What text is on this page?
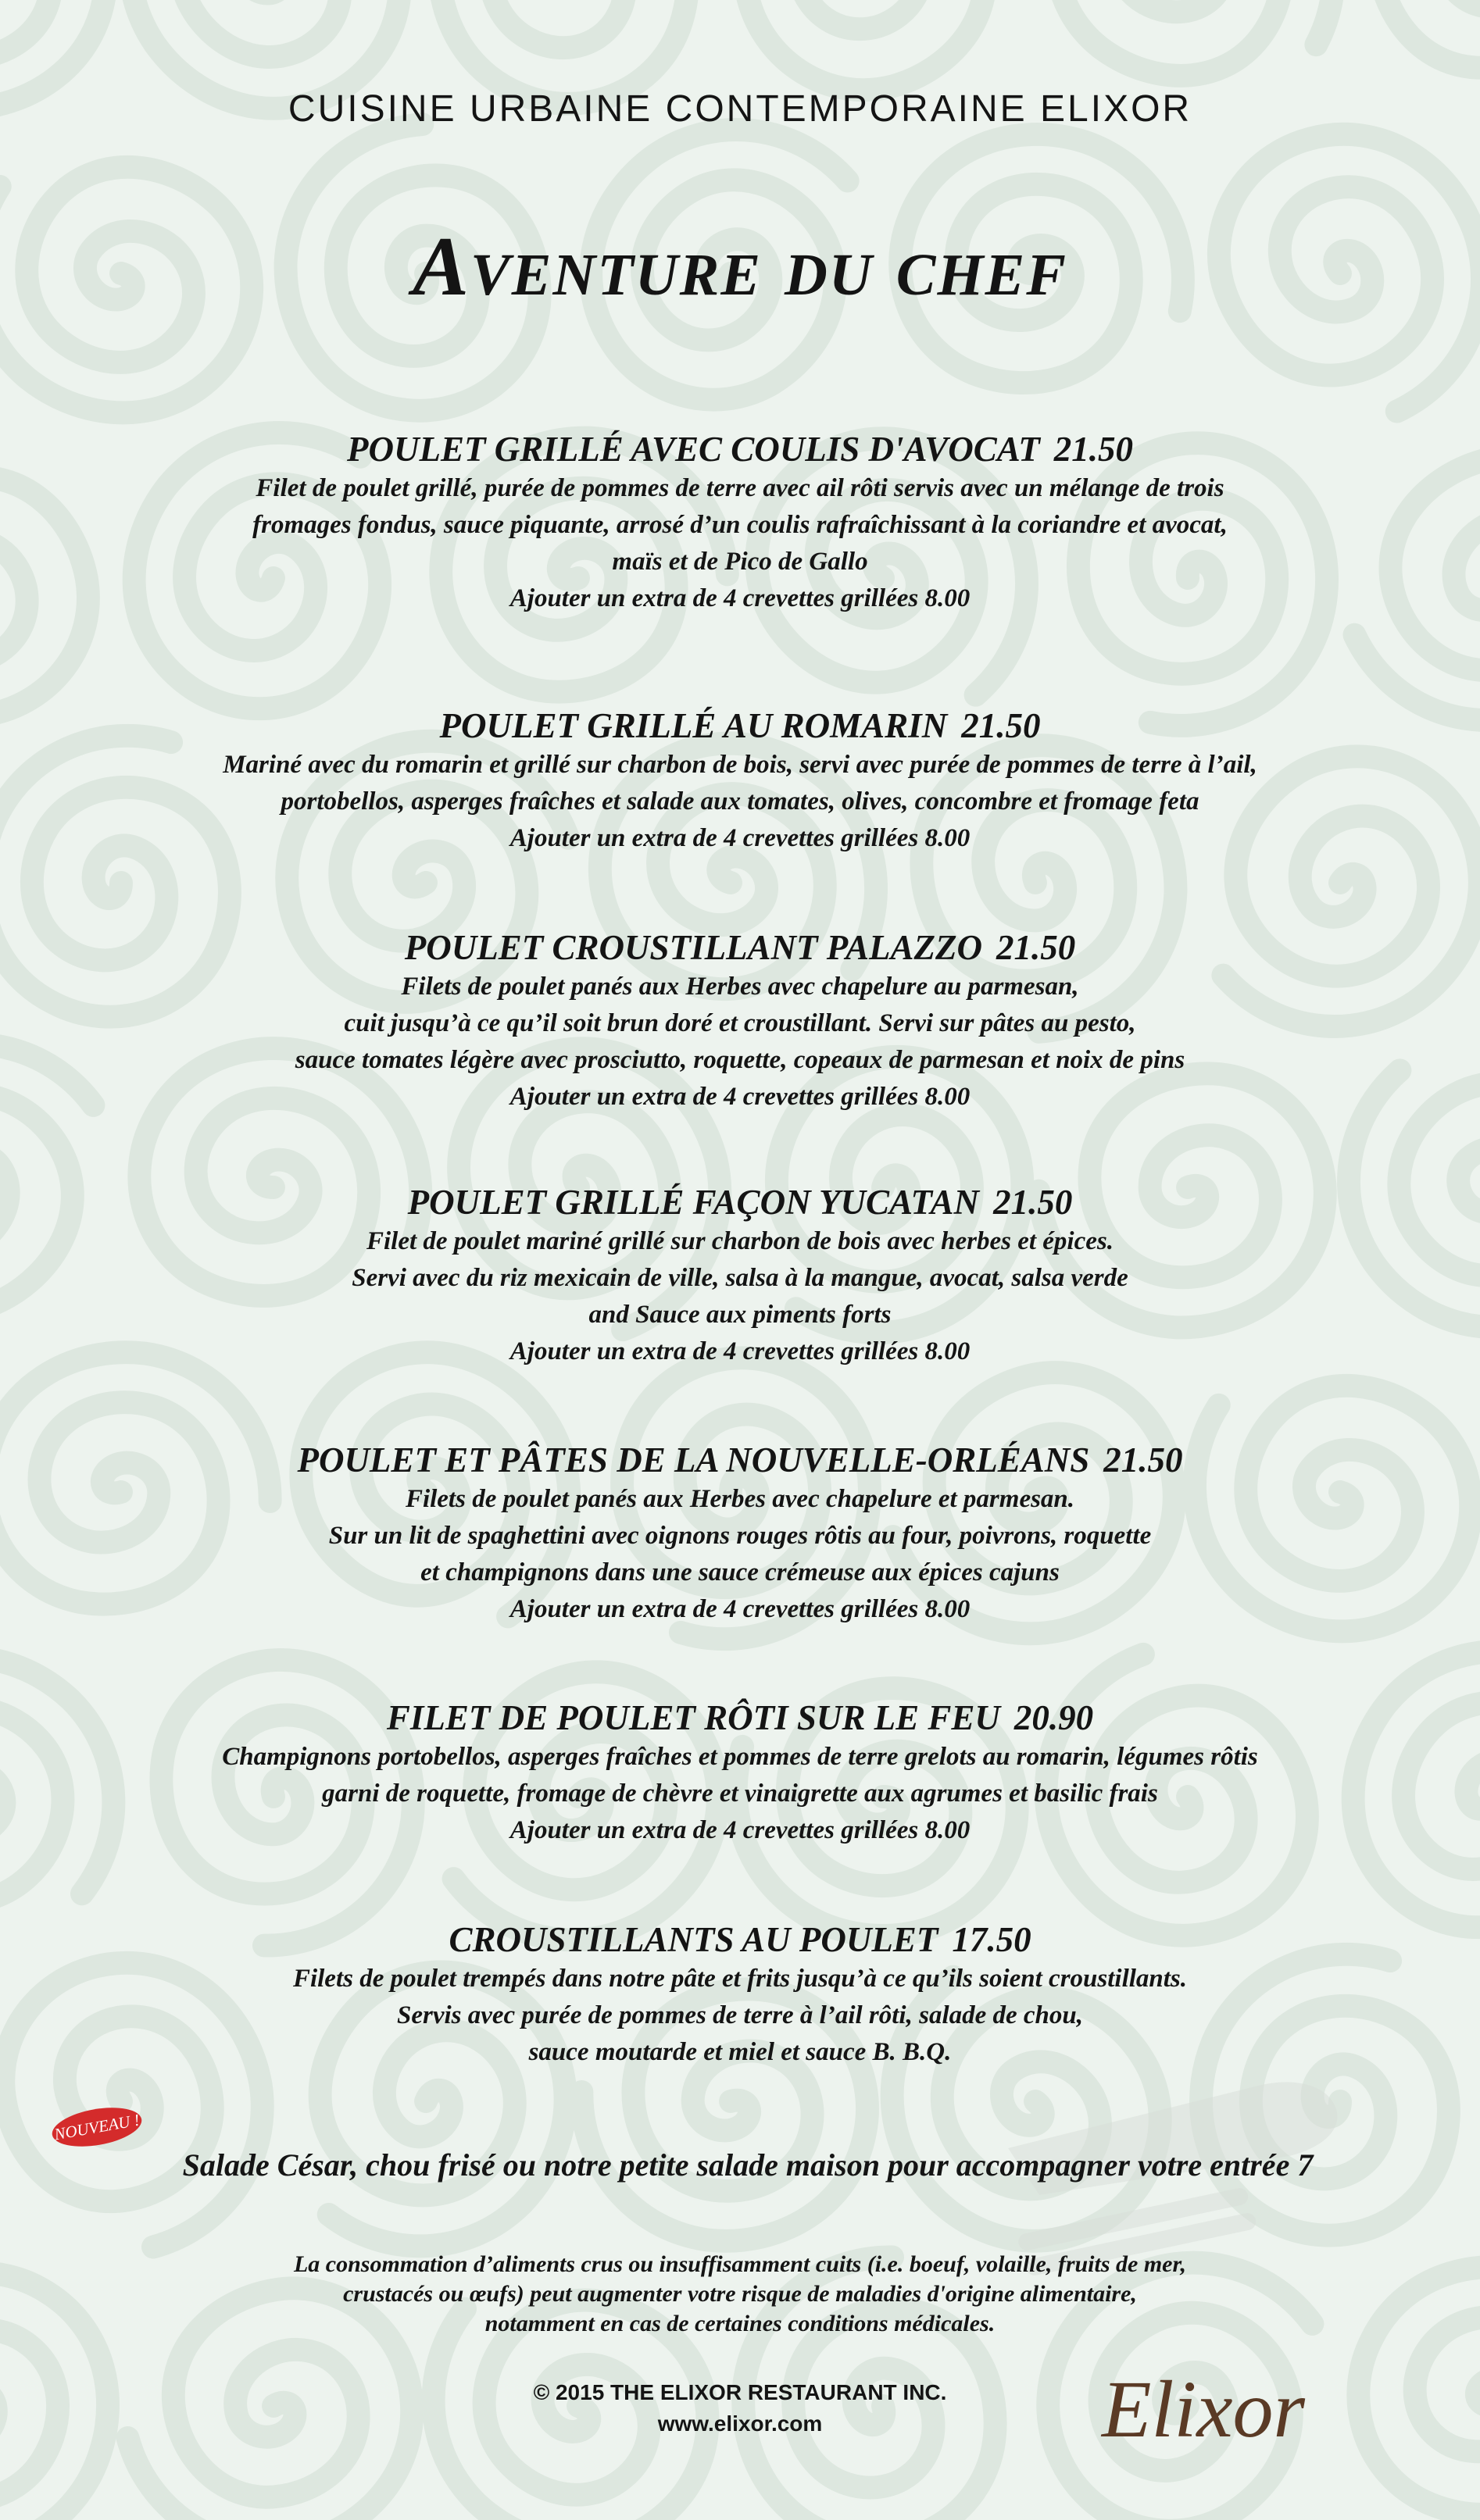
CUISINE URBAINE CONTEMPORAINE ELIXOR
Aventure du chef
POULET GRILLÉ AVEC COULIS D'AVOCAT 21.50
Filet de poulet grillé, purée de pommes de terre avec ail rôti servis avec un mélange de trois
fromages fondus, sauce piquante, arrosé d’un coulis rafraîchissant à la coriandre et avocat,
maïs et de Pico de Gallo
Ajouter un extra de 4 crevettes grillées 8.00
POULET GRILLÉ AU ROMARIN 21.50
Mariné avec du romarin et grillé sur charbon de bois, servi avec purée de pommes de terre à l’ail,
portobellos, asperges fraîches et salade aux tomates, olives, concombre et fromage feta
Ajouter un extra de 4 crevettes grillées 8.00
POULET CROUSTILLANT PALAZZO 21.50
Filets de poulet panés aux Herbes avec chapelure au parmesan,
cuit jusqu’à ce qu’il soit brun doré et croustillant. Servi sur pâtes au pesto,
sauce tomates légère avec prosciutto, roquette, copeaux de parmesan et noix de pins
Ajouter un extra de 4 crevettes grillées 8.00
POULET GRILLÉ FAÇON YUCATAN 21.50
Filet de poulet mariné grillé sur charbon de bois avec herbes et épices.
Servi avec du riz mexicain de ville, salsa à la mangue, avocat, salsa verde
and Sauce aux piments forts
Ajouter un extra de 4 crevettes grillées 8.00
POULET ET PÂTES DE LA NOUVELLE-ORLÉANS 21.50
Filets de poulet panés aux Herbes avec chapelure et parmesan.
Sur un lit de spaghettini avec oignons rouges rôtis au four, poivrons, roquette
et champignons dans une sauce crémeuse aux épices cajuns
Ajouter un extra de 4 crevettes grillées 8.00
FILET DE POULET RÔTI SUR LE FEU 20.90
Champignons portobellos, asperges fraîches et pommes de terre grelots au romarin, légumes rôtis
garni de roquette, fromage de chèvre et vinaigrette aux agrumes et basilic frais
Ajouter un extra de 4 crevettes grillées 8.00
CROUSTILLANTS AU POULET 17.50
Filets de poulet trempés dans notre pâte et frits jusqu’à ce qu’ils soient croustillants.
Servis avec purée de pommes de terre à l’ail rôti, salade de chou,
sauce moutarde et miel et sauce B. B.Q.
NOUVEAU !
Salade César, chou frisé ou notre petite salade maison pour accompagner votre entrée 7
La consommation d’aliments crus ou insuffisamment cuits (i.e. boeuf, volaille, fruits de mer,
crustacés ou œufs) peut augmenter votre risque de maladies d'origine alimentaire,
notamment en cas de certaines conditions médicales.
© 2015 THE ELIXOR RESTAURANT INC.
www.elixor.com	Elixor
